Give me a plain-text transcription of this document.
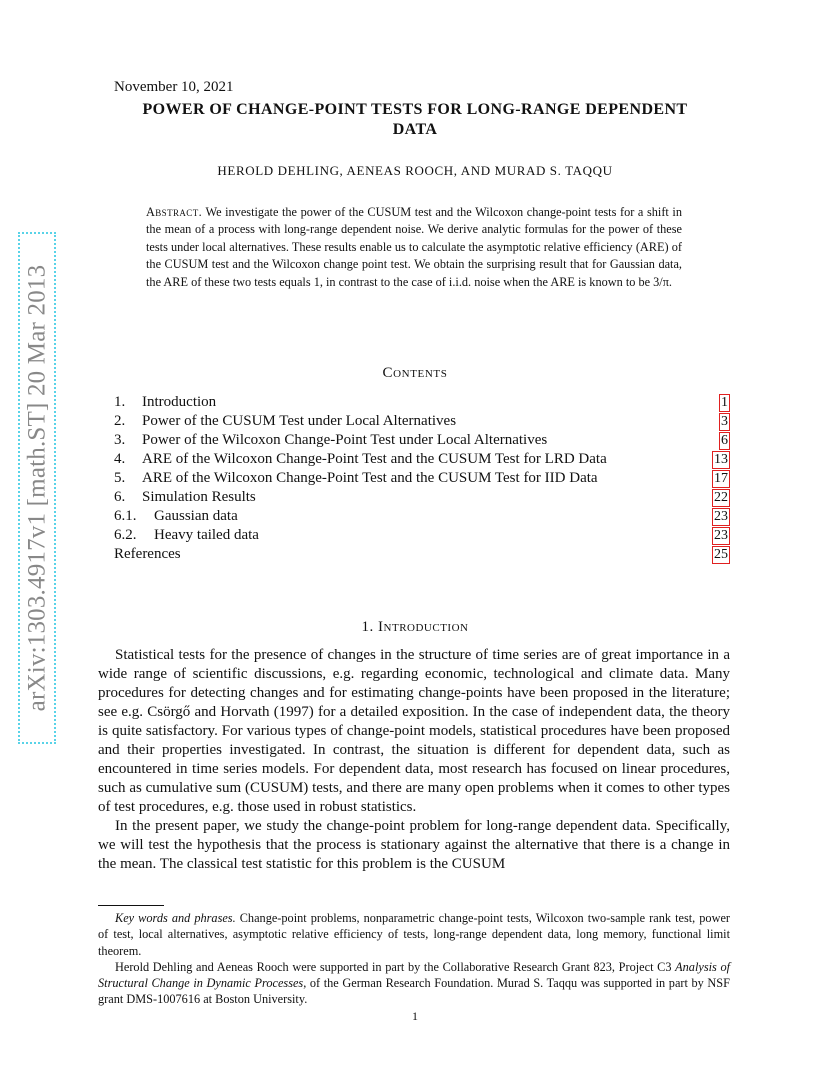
arXiv:1303.4917v1 [math.ST] 20 Mar 2013
November 10, 2021
POWER OF CHANGE-POINT TESTS FOR LONG-RANGE DEPENDENT
DATA
HEROLD DEHLING, AENEAS ROOCH, AND MURAD S. TAQQU
Abstract. We investigate the power of the CUSUM test and the Wilcoxon change-point tests for a shift in the mean of a process with long-range dependent noise. We derive analytic formulas for the power of these tests under local alternatives. These results enable us to calculate the asymptotic relative efficiency (ARE) of the CUSUM test and the Wilcoxon change point test. We obtain the surprising result that for Gaussian data, the ARE of these two tests equals 1, in contrast to the case of i.i.d. noise when the ARE is known to be 3/π.
Contents
1. Introduction	1
2. Power of the CUSUM Test under Local Alternatives	3
3. Power of the Wilcoxon Change-Point Test under Local Alternatives	6
4. ARE of the Wilcoxon Change-Point Test and the CUSUM Test for LRD Data	13
5. ARE of the Wilcoxon Change-Point Test and the CUSUM Test for IID Data	17
6. Simulation Results	22
6.1. Gaussian data	23
6.2. Heavy tailed data	23
References	25
1. Introduction

Statistical tests for the presence of changes in the structure of time series are of great importance in a wide range of scientific discussions, e.g. regarding economic, technological and climate data. Many procedures for detecting changes and for estimating change-points have been proposed in the literature; see e.g. Csörgő and Horvath (1997) for a detailed exposition. In the case of independent data, the theory is quite satisfactory. For various types of change-point models, statistical procedures have been proposed and their properties investigated. In contrast, the situation is different for dependent data, such as encountered in time series models. For dependent data, most research has focused on linear procedures, such as cumulative sum (CUSUM) tests, and there are many open problems when it comes to other types of test procedures, e.g. those used in robust statistics.

In the present paper, we study the change-point problem for long-range dependent data. Specifically, we will test the hypothesis that the process is stationary against the alternative that there is a change in the mean. The classical test statistic for this problem is the CUSUM

Key words and phrases. Change-point problems, nonparametric change-point tests, Wilcoxon two-sample rank test, power of test, local alternatives, asymptotic relative efficiency of tests, long-range dependent data, long memory, functional limit theorem.

Herold Dehling and Aeneas Rooch were supported in part by the Collaborative Research Grant 823, Project C3 Analysis of Structural Change in Dynamic Processes, of the German Research Foundation. Murad S. Taqqu was supported in part by NSF grant DMS-1007616 at Boston University.

1
